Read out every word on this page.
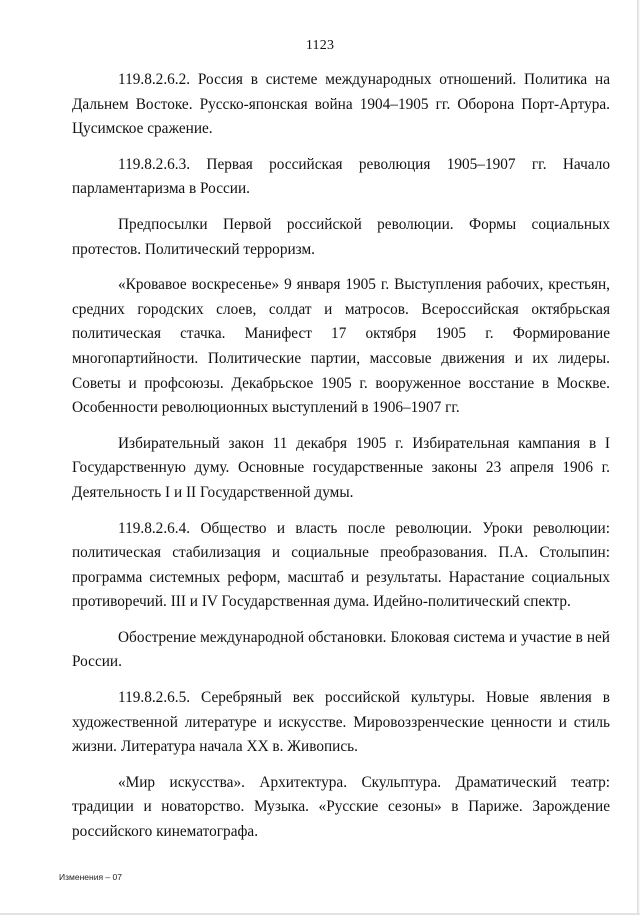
1123

119.8.2.6.2. Россия в системе международных отношений. Политика на Дальнем Востоке. Русско-японская война 1904–1905 гг. Оборона Порт-Артура. Цусимское сражение.

119.8.2.6.3. Первая российская революция 1905–1907 гг. Начало парламентаризма в России.

Предпосылки Первой российской революции. Формы социальных протестов. Политический терроризм.

«Кровавое воскресенье» 9 января 1905 г. Выступления рабочих, крестьян, средних городских слоев, солдат и матросов. Всероссийская октябрьская политическая стачка. Манифест 17 октября 1905 г. Формирование многопартийности. Политические партии, массовые движения и их лидеры. Советы и профсоюзы. Декабрьское 1905 г. вооруженное восстание в Москве. Особенности революционных выступлений в 1906–1907 гг.

Избирательный закон 11 декабря 1905 г. Избирательная кампания в I Государственную думу. Основные государственные законы 23 апреля 1906 г. Деятельность I и II Государственной думы.

119.8.2.6.4. Общество и власть после революции. Уроки революции: политическая стабилизация и социальные преобразования. П.А. Столыпин: программа системных реформ, масштаб и результаты. Нарастание социальных противоречий. III и IV Государственная дума. Идейно-политический спектр.

Обострение международной обстановки. Блоковая система и участие в ней России.

119.8.2.6.5. Серебряный век российской культуры. Новые явления в художественной литературе и искусстве. Мировоззренческие ценности и стиль жизни. Литература начала XX в. Живопись.

«Мир искусства». Архитектура. Скульптура. Драматический театр: традиции и новаторство. Музыка. «Русские сезоны» в Париже. Зарождение российского кинематографа.

Изменения – 07
